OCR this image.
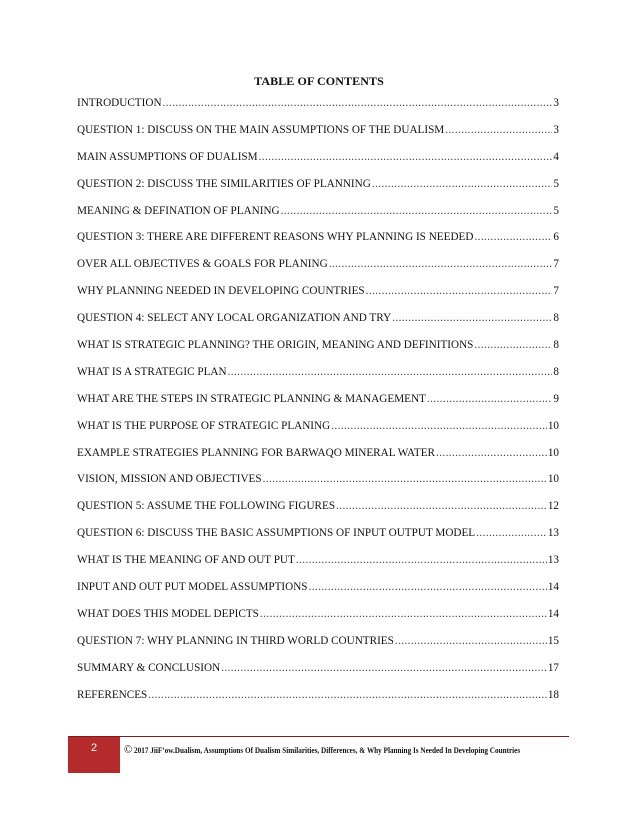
TABLE OF CONTENTS
INTRODUCTION .....	3
QUESTION 1: DISCUSS ON THE MAIN ASSUMPTIONS OF THE DUALISM .....	3
MAIN ASSUMPTIONS OF DUALISM .....	4
QUESTION 2: DISCUSS THE SIMILARITIES OF PLANNING .....	5
MEANING & DEFINATION OF PLANING .....	5
QUESTION 3: THERE ARE DIFFERENT REASONS WHY PLANNING IS NEEDED .....	6
OVER ALL OBJECTIVES & GOALS FOR PLANING .....	7
WHY PLANNING NEEDED IN DEVELOPING COUNTRIES .....	7
QUESTION 4: SELECT ANY LOCAL ORGANIZATION AND TRY .....	8
WHAT IS STRATEGIC PLANNING? THE ORIGIN, MEANING AND DEFINITIONS .....	8
WHAT IS A STRATEGIC PLAN .....	8
WHAT ARE THE STEPS IN STRATEGIC PLANNING & MANAGEMENT .....	9
WHAT IS THE PURPOSE OF STRATEGIC PLANING .....	10
EXAMPLE STRATEGIES PLANNING FOR BARWAQO MINERAL WATER .....	10
VISION, MISSION AND OBJECTIVES .....	10
QUESTION 5: ASSUME THE FOLLOWING FIGURES .....	12
QUESTION 6: DISCUSS THE BASIC ASSUMPTIONS OF INPUT OUTPUT MODEL .....	13
WHAT IS THE MEANING OF AND OUT PUT .....	13
INPUT AND OUT PUT MODEL ASSUMPTIONS .....	14
WHAT DOES THIS MODEL DEPICTS .....	14
QUESTION 7: WHY PLANNING IN THIRD WORLD COUNTRIES .....	15
SUMMARY & CONCLUSION .....	17
REFERENCES .....	18
2	© 2017 JiiF’ow.Dualism, Assumptions Of Dualism Similarities, Differences, & Why Planning Is Needed In Developing Countries
